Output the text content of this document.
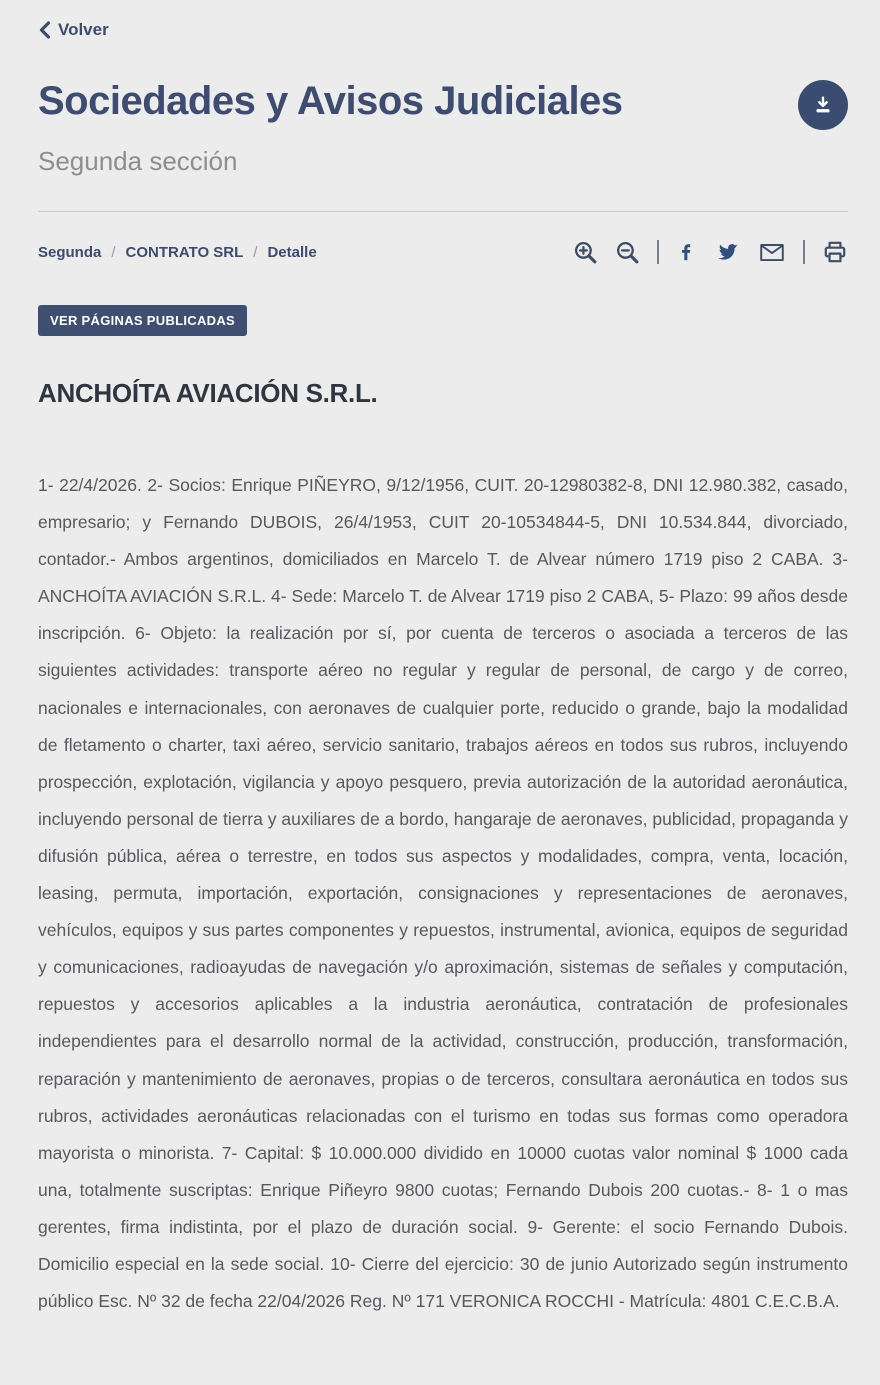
Volver
Sociedades y Avisos Judiciales
Segunda sección
Segunda / CONTRATO SRL / Detalle
VER PÁGINAS PUBLICADAS
ANCHOÍTA AVIACIÓN S.R.L.

1- 22/4/2026. 2- Socios: Enrique PIÑEYRO, 9/12/1956, CUIT. 20-12980382-8, DNI 12.980.382, casado, empresario; y Fernando DUBOIS, 26/4/1953, CUIT 20-10534844-5, DNI 10.534.844, divorciado, contador.- Ambos argentinos, domiciliados en Marcelo T. de Alvear número 1719 piso 2 CABA. 3- ANCHOÍTA AVIACIÓN S.R.L. 4- Sede: Marcelo T. de Alvear 1719 piso 2 CABA, 5- Plazo: 99 años desde inscripción. 6- Objeto: la realización por sí, por cuenta de terceros o asociada a terceros de las siguientes actividades: transporte aéreo no regular y regular de personal, de cargo y de correo, nacionales e internacionales, con aeronaves de cualquier porte, reducido o grande, bajo la modalidad de fletamento o charter, taxi aéreo, servicio sanitario, trabajos aéreos en todos sus rubros, incluyendo prospección, explotación, vigilancia y apoyo pesquero, previa autorización de la autoridad aeronáutica, incluyendo personal de tierra y auxiliares de a bordo, hangaraje de aeronaves, publicidad, propaganda y difusión pública, aérea o terrestre, en todos sus aspectos y modalidades, compra, venta, locación, leasing, permuta, importación, exportación, consignaciones y representaciones de aeronaves, vehículos, equipos y sus partes componentes y repuestos, instrumental, avionica, equipos de seguridad y comunicaciones, radioayudas de navegación y/o aproximación, sistemas de señales y computación, repuestos y accesorios aplicables a la industria aeronáutica, contratación de profesionales independientes para el desarrollo normal de la actividad, construcción, producción, transformación, reparación y mantenimiento de aeronaves, propias o de terceros, consultara aeronáutica en todos sus rubros, actividades aeronáuticas relacionadas con el turismo en todas sus formas como operadora mayorista o minorista. 7- Capital: $ 10.000.000 dividido en 10000 cuotas valor nominal $ 1000 cada una, totalmente suscriptas: Enrique Piñeyro 9800 cuotas; Fernando Dubois 200 cuotas.- 8- 1 o mas gerentes, firma indistinta, por el plazo de duración social. 9- Gerente: el socio Fernando Dubois. Domicilio especial en la sede social. 10- Cierre del ejercicio: 30 de junio Autorizado según instrumento público Esc. Nº 32 de fecha 22/04/2026 Reg. Nº 171 VERONICA ROCCHI - Matrícula: 4801 C.E.C.B.A.
